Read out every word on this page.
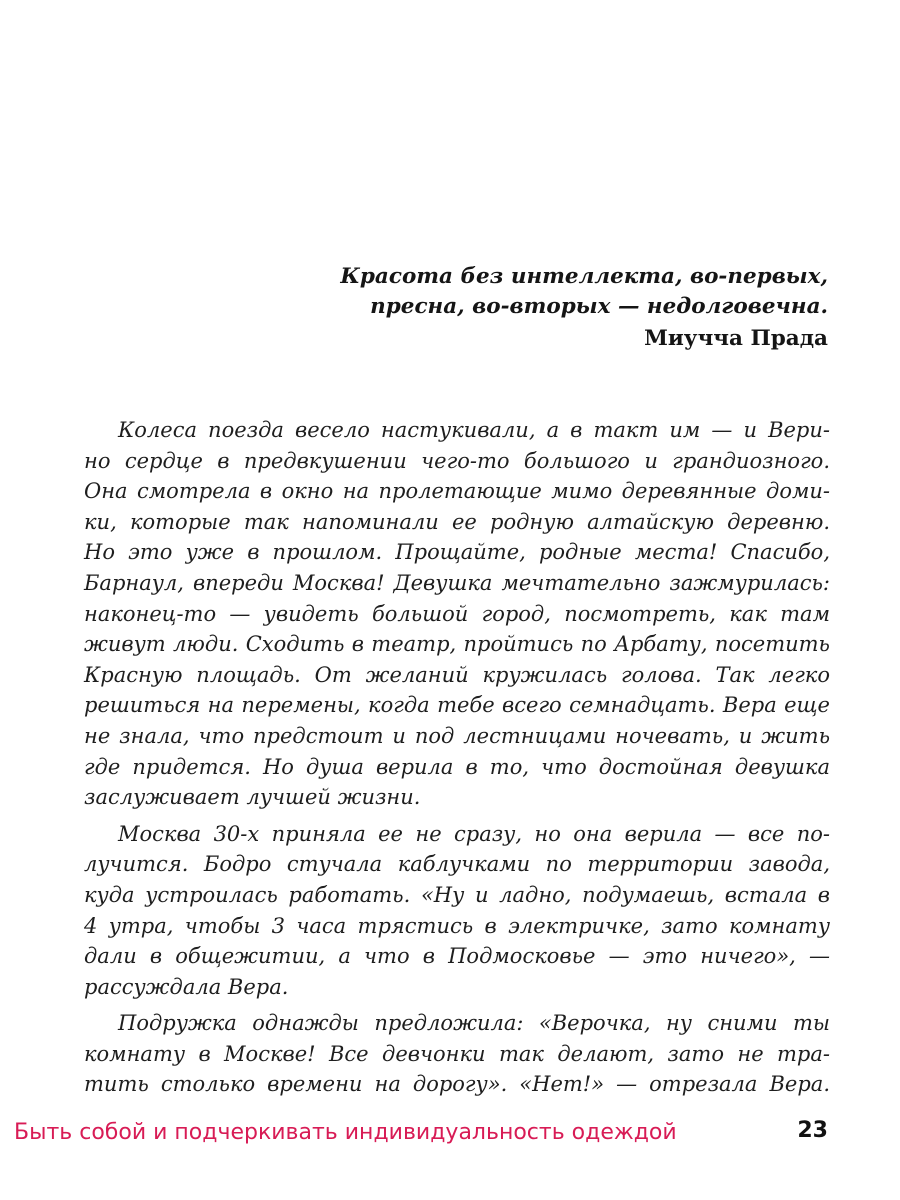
Красота без интеллекта, во-первых,
пресна, во-вторых — недолговечна.
Миучча Прада
Колеса поезда весело настукивали, а в такт им — и Вери-
но сердце в предвкушении чего-то большого и грандиозного.
Она смотрела в окно на пролетающие мимо деревянные доми-
ки, которые так напоминали ее родную алтайскую деревню.
Но это уже в прошлом. Прощайте, родные места! Спасибо,
Барнаул, впереди Москва! Девушка мечтательно зажмурилась:
наконец-то — увидеть большой город, посмотреть, как там
живут люди. Сходить в театр, пройтись по Арбату, посетить
Красную площадь. От желаний кружилась голова. Так легко
решиться на перемены, когда тебе всего семнадцать. Вера еще
не знала, что предстоит и под лестницами ночевать, и жить
где придется. Но душа верила в то, что достойная девушка
заслуживает лучшей жизни.
Москва 30-х приняла ее не сразу, но она верила — все по-
лучится. Бодро стучала каблучками по территории завода,
куда устроилась работать. «Ну и ладно, подумаешь, встала в
4 утра, чтобы 3 часа трястись в электричке, зато комнату
дали в общежитии, а что в Подмосковье — это ничего», —
рассуждала Вера.
Подружка однажды предложила: «Верочка, ну сними ты
комнату в Москве! Все девчонки так делают, зато не тра-
тить столько времени на дорогу». «Нет!» — отрезала Вера.
Быть собой и подчеркивать индивидуальность одеждой	23
